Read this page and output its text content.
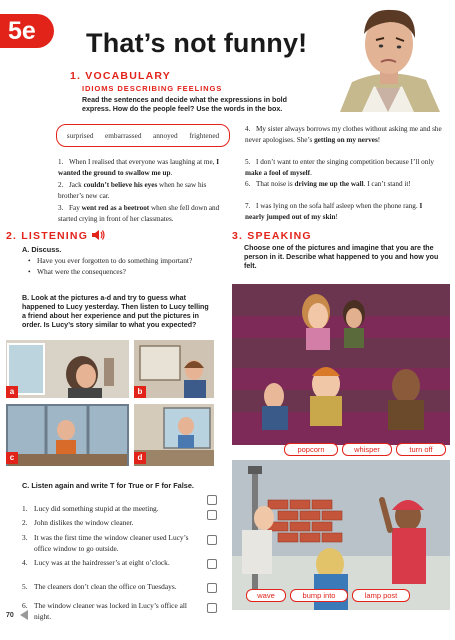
5e	That’s not funny!
1. VOCABULARY
IDIOMS DESCRIBING FEELINGS
Read the sentences and decide what the expressions in bold express. How do the people feel? Use the words in the box.
surprised embarrassed annoyed frightened
1. When I realised that everyone was laughing at me, I wanted the ground to swallow me up.
2. Jack couldn’t believe his eyes when he saw his brother’s new car.
3. Fay went red as a beetroot when she fell down and started crying in front of her classmates.
4. My sister always borrows my clothes without asking me and she never apologises. She’s getting on my nerves!
5. I don’t want to enter the singing competition because I’ll only make a fool of myself.
6. That noise is driving me up the wall. I can’t stand it!
7. I was lying on the sofa half asleep when the phone rang. I nearly jumped out of my skin!
2. LISTENING
A. Discuss.
• Have you ever forgotten to do something important?
• What were the consequences?
B. Look at the pictures a-d and try to guess what happened to Lucy yesterday. Then listen to Lucy telling a friend about her experience and put the pictures in order. Is Lucy’s story similar to what you expected?
a	b
c	d
C. Listen again and write T for True or F for False.
1. Lucy did something stupid at the meeting.
2. John dislikes the window cleaner.
3. It was the first time the window cleaner used Lucy’s office window to go outside.
4. Lucy was at the hairdresser’s at eight o’clock.
5. The cleaners don’t clean the office on Tuesdays.
6. The window cleaner was locked in Lucy’s office all night.
3. SPEAKING
Choose one of the pictures and imagine that you are the person in it. Describe what happened to you and how you felt.
popcorn	whisper	turn off
wave	bump into	lamp post
70
